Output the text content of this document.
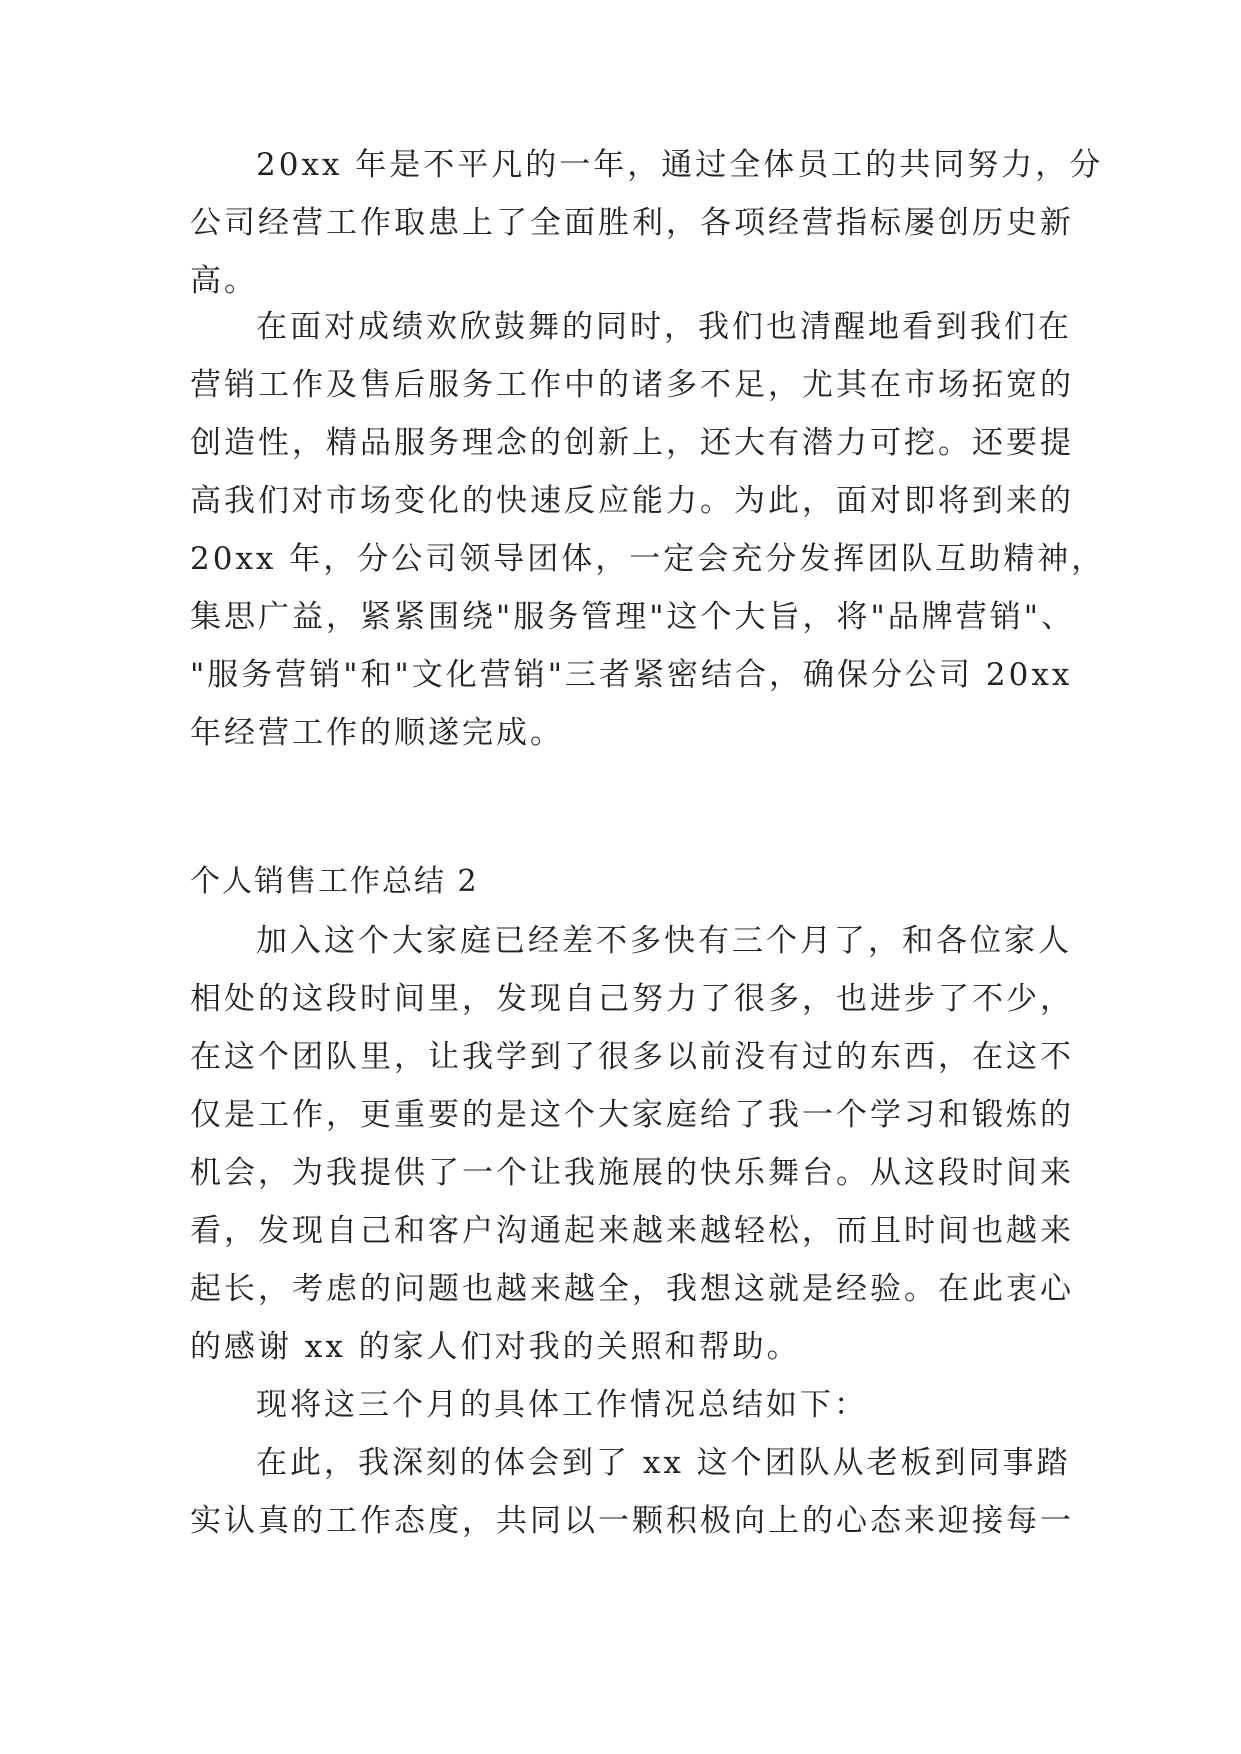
20xx 年是不平凡的一年，通过全体员工的共同努力，分
公司经营工作取患上了全面胜利，各项经营指标屡创历史新
高。
在面对成绩欢欣鼓舞的同时，我们也清醒地看到我们在
营销工作及售后服务工作中的诸多不足，尤其在市场拓宽的
创造性，精品服务理念的创新上，还大有潜力可挖。还要提
高我们对市场变化的快速反应能力。为此，面对即将到来的
20xx 年，分公司领导团体，一定会充分发挥团队互助精神，
集思广益，紧紧围绕"服务管理"这个大旨，将"品牌营销"、
"服务营销"和"文化营销"三者紧密结合，确保分公司 20xx
年经营工作的顺遂完成。
个人销售工作总结 2
加入这个大家庭已经差不多快有三个月了，和各位家人
相处的这段时间里，发现自己努力了很多，也进步了不少，
在这个团队里，让我学到了很多以前没有过的东西，在这不
仅是工作，更重要的是这个大家庭给了我一个学习和锻炼的
机会，为我提供了一个让我施展的快乐舞台。从这段时间来
看，发现自己和客户沟通起来越来越轻松，而且时间也越来
起长，考虑的问题也越来越全，我想这就是经验。在此衷心
的感谢 xx 的家人们对我的关照和帮助。
现将这三个月的具体工作情况总结如下：
在此，我深刻的体会到了 xx 这个团队从老板到同事踏
实认真的工作态度，共同以一颗积极向上的心态来迎接每一
